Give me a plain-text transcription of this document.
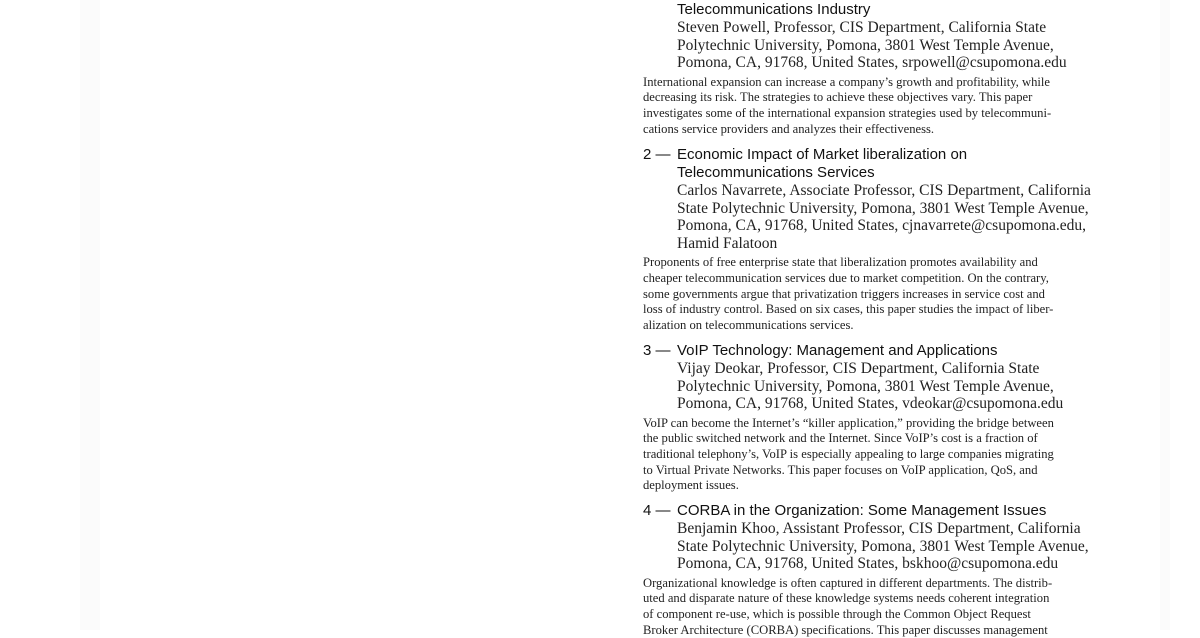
Telecommunications Industry
Steven Powell, Professor, CIS Department, California State
Polytechnic University, Pomona, 3801 West Temple Avenue,
Pomona, CA, 91768, United States, srpowell@csupomona.edu
International expansion can increase a company’s growth and profitability, while
decreasing its risk. The strategies to achieve these objectives vary. This paper
investigates some of the international expansion strategies used by telecommuni-
cations service providers and analyzes their effectiveness.
2 — Economic Impact of Market liberalization on
Telecommunications Services
Carlos Navarrete, Associate Professor, CIS Department, California
State Polytechnic University, Pomona, 3801 West Temple Avenue,
Pomona, CA, 91768, United States, cjnavarrete@csupomona.edu,
Hamid Falatoon
Proponents of free enterprise state that liberalization promotes availability and
cheaper telecommunication services due to market competition. On the contrary,
some governments argue that privatization triggers increases in service cost and
loss of industry control. Based on six cases, this paper studies the impact of liber-
alization on telecommunications services.
3 — VoIP Technology: Management and Applications
Vijay Deokar, Professor, CIS Department, California State
Polytechnic University, Pomona, 3801 West Temple Avenue,
Pomona, CA, 91768, United States, vdeokar@csupomona.edu
VoIP can become the Internet’s “killer application,” providing the bridge between
the public switched network and the Internet. Since VoIP’s cost is a fraction of
traditional telephony’s, VoIP is especially appealing to large companies migrating
to Virtual Private Networks. This paper focuses on VoIP application, QoS, and
deployment issues.
4 — CORBA in the Organization: Some Management Issues
Benjamin Khoo, Assistant Professor, CIS Department, California
State Polytechnic University, Pomona, 3801 West Temple Avenue,
Pomona, CA, 91768, United States, bskhoo@csupomona.edu
Organizational knowledge is often captured in different departments. The distrib-
uted and disparate nature of these knowledge systems needs coherent integration
of component re-use, which is possible through the Common Object Request
Broker Architecture (CORBA) specifications. This paper discusses management
